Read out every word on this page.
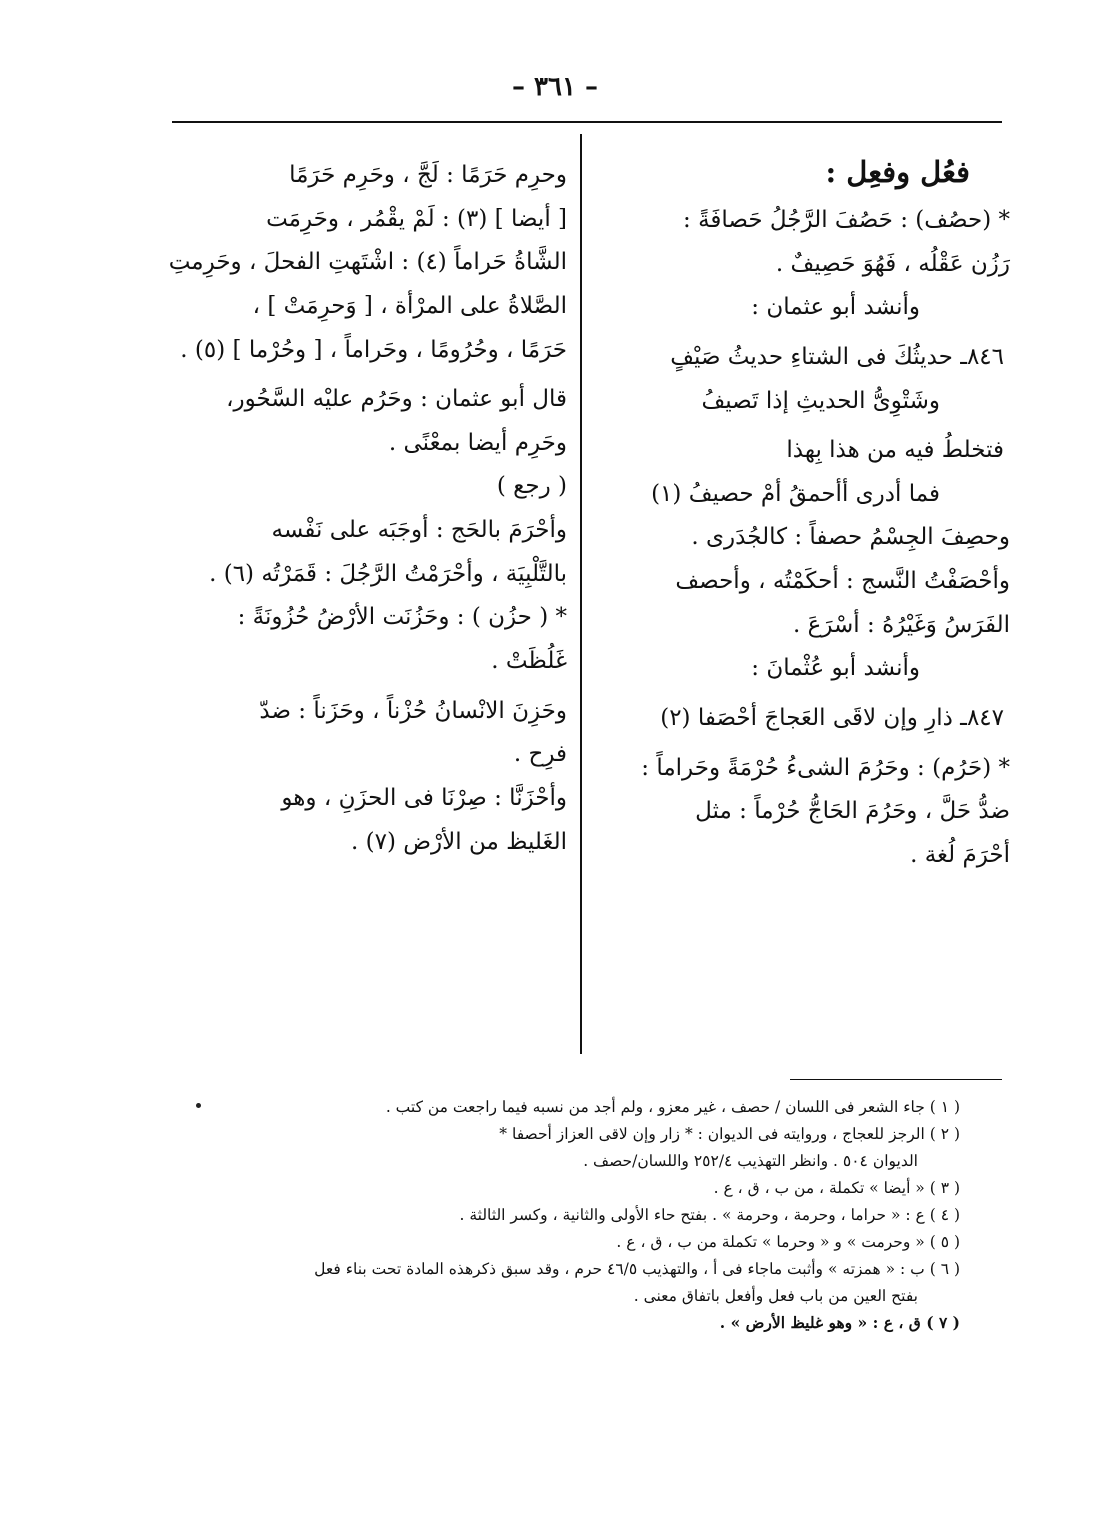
– ٣٦١ –
فعُل وفعِل :
* (حصُف) : حَصُفَ الرَّجُلُ حَصافَةً :
رَزُن عَقْلُه ، فَهُوَ حَصِيفٌ .
وأنشد أبو عثمان :
٨٤٦ـ حديثُكَ فى الشتاءِ حديثُ صَيْفٍ
وشَتْوِىُّ الحديثِ إذا تَصيفُ
فتخلطُ فيه من هذا بِهذا
فما أدرى أأحمقُ أمْ حصيفُ (١)
وحصِفَ الجِسْمُ حصفاً : كالجُدَرى .
وأحْصَفْتُ النَّسج : أحكَمْتُه ، وأحصف
الفَرَسُ وَغَيْرُهُ : أسْرَعَ .
وأنشد أبو عُثْمانَ :
٨٤٧ـ ذارِ وإن لاقَى العَجاجَ أحْصَفا (٢)
* (حَرُم) : وحَرُمَ الشىءُ حُرْمَةً وحَراماً :
ضدُّ حَلَّ ، وحَرُمَ الحَاجُّ حُرْماً : مثل
أحْرَمَ لُغة .
وحرِم حَرَمًا : لَجَّ ، وحَرِم حَرَمًا
[ أيضا ] (٣) : لَمْ يقْمُر ، وحَرِمَت
الشَّاةُ حَراماً (٤) : اشْتَهتِ الفحلَ ، وحَرِمتِ
الصَّلاةُ على المرْأة ، [ وَحرِمَتْ ] ،
حَرَمًا ، وحُرُومًا ، وحَراماً ، [ وحُرْما ] (٥) .
قال أبو عثمان : وحَرُم عليْه السَّحُور،
وحَرِم أيضا بمعْنًى .
( رجع )
وأحْرَمَ بالحَج : أوجَبَه على نَفْسه
بالتَّلْبِيَة ، وأحْرَمْتُ الرَّجُلَ : قَمَرْتُه (٦) .
* ( حزُن ) : وحَزُنَت الأرْضُ حُزُونَةً :
غَلُظَتْ .
وحَزِنَ الانْسانُ حُزْناً ، وحَزَناً : ضدّ
فرِح .
وأحْزَنَّا : صِرْنَا فى الحزَنِ ، وهو
الغَليظ من الأرْض (٧) .
( ١ ) جاء الشعر فى اللسان / حصف ، غير معزو ، ولم أجد من نسبه فيما راجعت من كتب .
( ٢ ) الرجز للعجاج ، وروايته فى الديوان : * زار وإن لاقى العزاز أحصفا *
الديوان ٥٠٤ . وانظر التهذيب ٢٥٢/٤ واللسان/حصف .
( ٣ ) « أيضا » تكملة ، من ب ، ق ، ع .
( ٤ ) ع : « حراما ، وحرمة ، وحرمة » . بفتح حاء الأولى والثانية ، وكسر الثالثة .
( ٥ ) « وحرمت » و « وحرما » تكملة من ب ، ق ، ع .
( ٦ ) ب : « همزته » وأثبت ماجاء فى أ ، والتهذيب ٤٦/٥ حرم ، وقد سبق ذكرهذه المادة تحت بناء فعل
بفتح العين من باب فعل وأفعل باتفاق معنى .
( ٧ ) ق ، ع : « وهو غليظ الأرض » .
